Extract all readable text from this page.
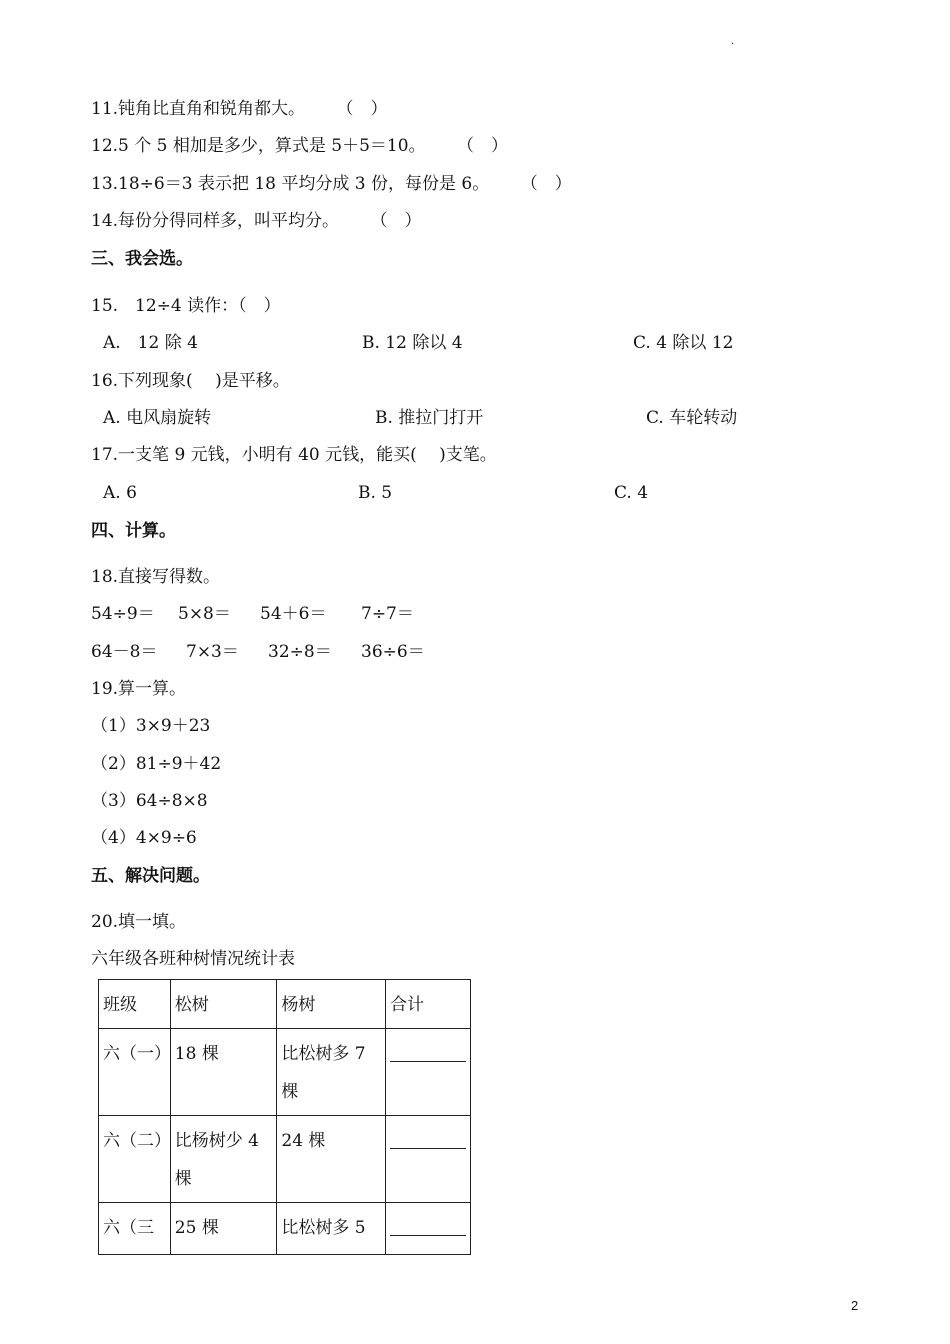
.
11.钝角比直角和锐角都大。 （　）
12.5 个 5 相加是多少，算式是 5＋5＝10。 （　）
13.18÷6＝3 表示把 18 平均分成 3 份，每份是 6。 （　）
14.每份分得同样多，叫平均分。 （　）
三、我会选。
15.　12÷4 读作：（　）
A.　12 除 4	B. 12 除以 4	C. 4 除以 12
16.下列现象(　 )是平移。
A. 电风扇旋转	B. 推拉门打开	C. 车轮转动
17.一支笔 9 元钱，小明有 40 元钱，能买(　 )支笔。
A. 6	B. 5	C. 4
四、计算。
18.直接写得数。
54÷9＝ 5×8＝ 54＋6＝ 7÷7＝
64－8＝ 7×3＝ 32÷8＝ 36÷6＝
19.算一算。
（1）3×9＋23
（2）81÷9＋42
（3）64÷8×8
（4）4×9÷6
五、解决问题。
20.填一填。
六年级各班种树情况统计表
班级	松树	杨树	合计
六（一）	18 棵	比松树多 7 棵	
六（二）	比杨树少 4 棵	24 棵	
六（三	25 棵	比松树多 5	
2
